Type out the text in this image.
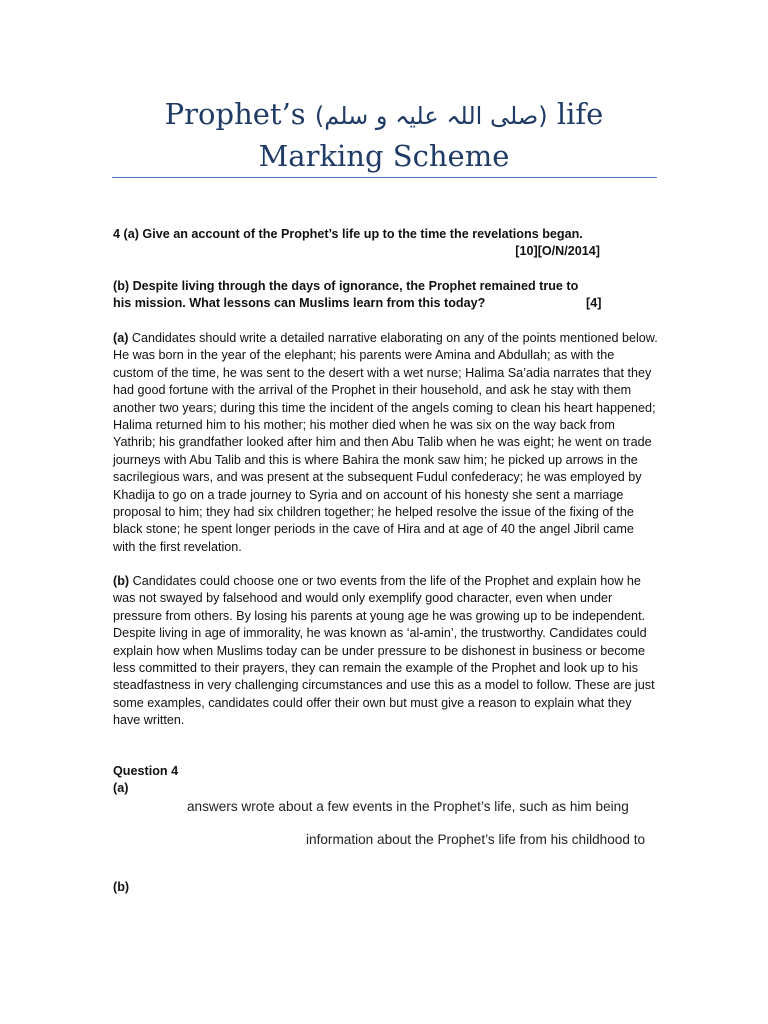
Prophet’s (صلی اللہ علیہ و سلم) life
Marking Scheme
4 (a) Give an account of the Prophet’s life up to the time the revelations began.
[10][O/N/2014]
(b) Despite living through the days of ignorance, the Prophet remained true to his mission. What lessons can Muslims learn from this today?	[4]

(a) Candidates should write a detailed narrative elaborating on any of the points mentioned below. He was born in the year of the elephant; his parents were Amina and Abdullah; as with the custom of the time, he was sent to the desert with a wet nurse; Halima Sa’adia narrates that they had good fortune with the arrival of the Prophet in their household, and ask he stay with them another two years; during this time the incident of the angels coming to clean his heart happened; Halima returned him to his mother; his mother died when he was six on the way back from Yathrib; his grandfather looked after him and then Abu Talib when he was eight; he went on trade journeys with Abu Talib and this is where Bahira the monk saw him; he picked up arrows in the sacrilegious wars, and was present at the subsequent Fudul confederacy; he was employed by Khadija to go on a trade journey to Syria and on account of his honesty she sent a marriage proposal to him; they had six children together; he helped resolve the issue of the fixing of the black stone; he spent longer periods in the cave of Hira and at age of 40 the angel Jibril came with the first revelation.

(b) Candidates could choose one or two events from the life of the Prophet and explain how he was not swayed by falsehood and would only exemplify good character, even when under pressure from others. By losing his parents at young age he was growing up to be independent. Despite living in age of immorality, he was known as ‘al-amin’, the trustworthy. Candidates could explain how when Muslims today can be under pressure to be dishonest in business or become less committed to their prayers, they can remain the example of the Prophet and look up to his steadfastness in very challenging circumstances and use this as a model to follow. These are just some examples, candidates could offer their own but must give a reason to explain what they have written.

Question 4
(a)
answers wrote about a few events in the Prophet’s life, such as him being
information about the Prophet’s life from his childhood to
(b)
